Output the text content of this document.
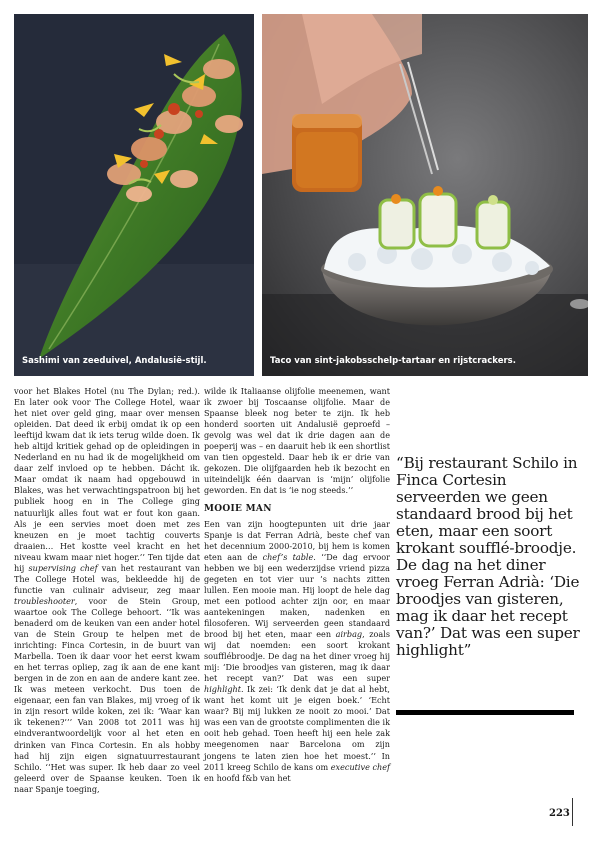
Sashimi van zeeduivel, Andalusië-stijl.	Taco van sint-jakobsschelp-tartaar en rijstcrackers.

voor het Blakes Hotel (nu The Dylan; red.). En later ook voor The College Hotel, waar het niet over geld ging, maar over mensen opleiden. Dat deed ik erbij omdat ik op een leeftijd kwam dat ik iets terug wilde doen. Ik heb altijd kritiek gehad op de opleidingen in Nederland en nu had ik de mogelijkheid om daar zelf invloed op te hebben. Dácht ik. Maar omdat ik naam had opgebouwd in Blakes, was het verwachtingspatroon bij het publiek hoog en in The College ging natuurlijk alles fout wat er fout kon gaan. Als je een servies moet doen met zes kneuzen en je moet tachtig couverts draaien… Het kostte veel kracht en het niveau kwam maar niet hoger.’’ Ten tijde dat hij supervising chef van het restaurant van The College Hotel was, bekleedde hij de functie van culinair adviseur, zeg maar troubleshooter, voor de Stein Group, waartoe ook The College behoort. ‘‘Ik was benaderd om de keuken van een ander hotel van de Stein Group te helpen met de inrichting: Finca Cortesin, in de buurt van Marbella. Toen ik daar voor het eerst kwam en het terras opliep, zag ik aan de ene kant bergen in de zon en aan de andere kant zee. Ik was meteen verkocht. Dus toen de eigenaar, een fan van Blakes, mij vroeg of ik in zijn resort wilde koken, zei ik: ‘Waar kan ik tekenen?’’’ Van 2008 tot 2011 was hij eindverantwoordelijk voor al het eten en drinken van Finca Cortesin. En als hobby had hij zijn eigen signatuurrestaurant Schilo. ‘‘Het was super. Ik heb daar zo veel geleerd over de Spaanse keuken. Toen ik naar Spanje toeging,

wilde ik Italiaanse olijfolie meenemen, want ik zwoer bij Toscaanse olijfolie. Maar de Spaanse bleek nog beter te zijn. Ik heb honderd soorten uit Andalusië geproefd – gevolg was wel dat ik drie dagen aan de poeperij was – en daaruit heb ik een shortlist van tien opgesteld. Daar heb ik er drie van gekozen. Die olijfgaarden heb ik bezocht en uiteindelijk één daarvan is ‘mijn’ olijfolie geworden. En dat is ‘ie nog steeds.’’

MOOIE MAN

Een van zijn hoogtepunten uit drie jaar Spanje is dat Ferran Adrià, beste chef van het decennium 2000-2010, bij hem is komen eten aan de chef’s table. ‘‘De dag ervoor hebben we bij een wederzijdse vriend pizza gegeten en tot vier uur ’s nachts zitten lullen. Een mooie man. Hij loopt de hele dag met een potlood achter zijn oor, en maar aantekeningen maken, nadenken en filosoferen. Wij serveerden geen standaard brood bij het eten, maar een airbag, zoals wij dat noemden: een soort krokant soufflébroodje. De dag na het diner vroeg hij mij: ‘Die broodjes van gisteren, mag ik daar het recept van?’ Dat was een super highlight. Ik zei: ‘Ik denk dat je dat al hebt, want het komt uit je eigen boek.’ ‘Echt waar? Bij mij lukken ze nooit zo mooi.’ Dat was een van de grootste complimenten die ik ooit heb gehad. Toen heeft hij een hele zak meegenomen naar Barcelona om zijn jongens te laten zien hoe het moest.’’ In 2011 kreeg Schilo de kans om executive chef en hoofd f&b van het

“Bij restaurant Schilo in Finca Cortesin serveerden we geen standaard brood bij het eten, maar een soort krokant soufflé-broodje. De dag na het diner vroeg Ferran Adrià: ‘Die broodjes van gisteren, mag ik daar het recept van?’ Dat was een super highlight”

223
